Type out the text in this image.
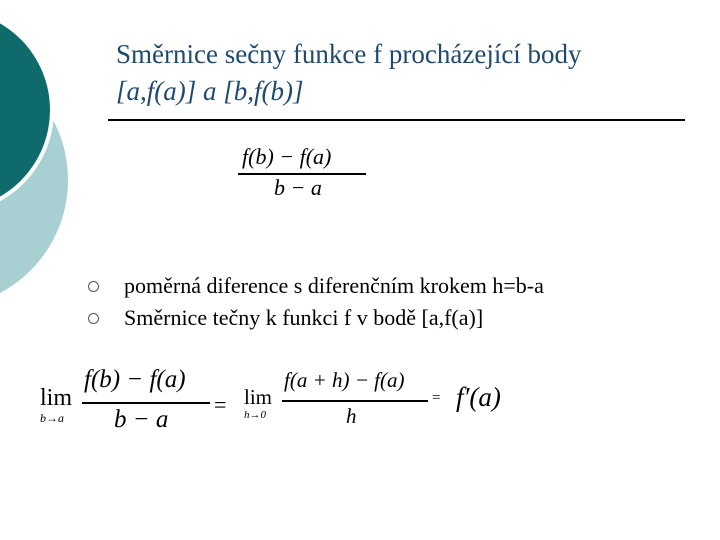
Směrnice sečny funkce f procházející body
[a,f(a)] a [b,f(b)]
f(b) − f(a)
b − a
poměrná diference s diferenčním krokem h=b-a
Směrnice tečny k funkci f v bodě [a,f(a)]
lim
b→a
f(b) − f(a)
b − a
= lim
h→0
f(a + h) − f(a)
h
= f′(a)
